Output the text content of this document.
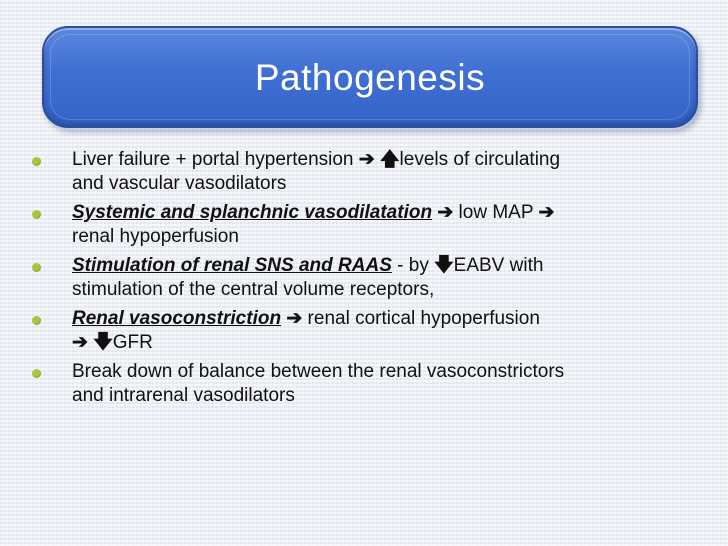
Pathogenesis
Liver failure + portal hypertension ➔ 🡅levels of circulating
and vascular vasodilators
Systemic and splanchnic vasodilatation ➔ low MAP ➔
renal hypoperfusion
Stimulation of renal SNS and RAAS - by 🡇EABV with
stimulation of the central volume receptors,
Renal vasoconstriction ➔ renal cortical hypoperfusion
➔ 🡇GFR
Break down of balance between the renal vasoconstrictors
and intrarenal vasodilators
